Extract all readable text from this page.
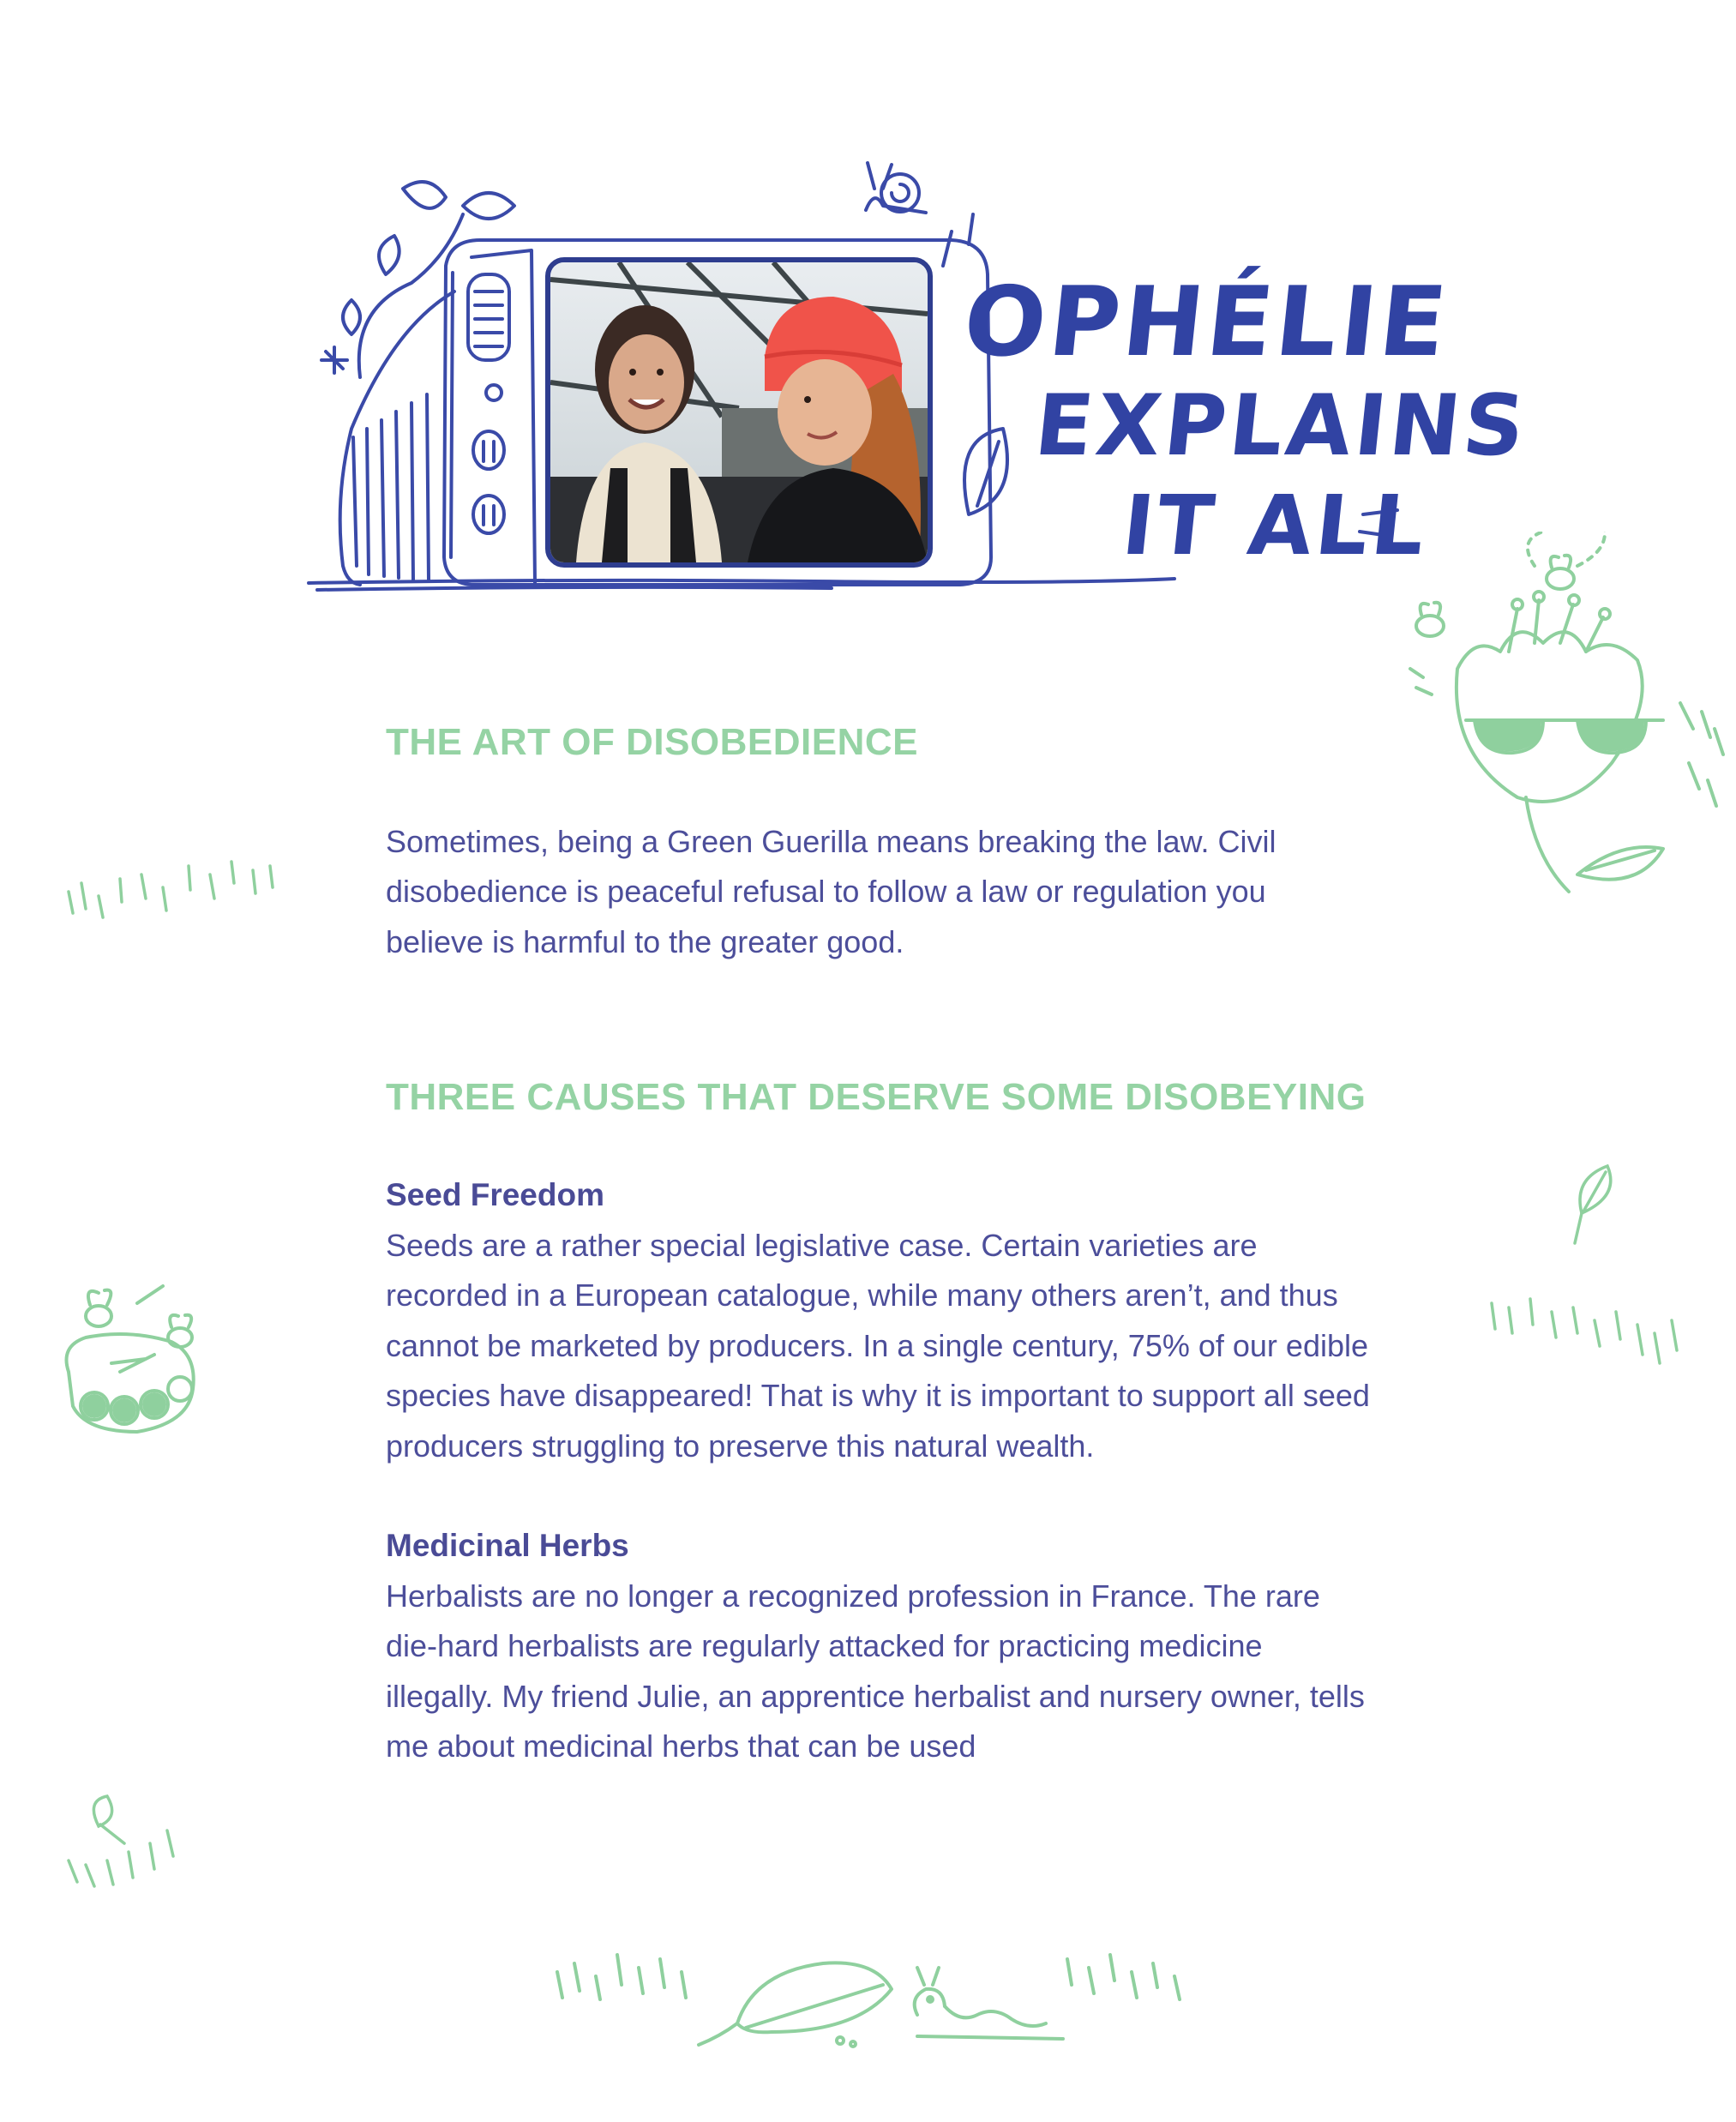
OPHÉLIE
EXPLAINS
IT ALL
THE ART OF DISOBEDIENCE

Sometimes, being a Green Guerilla means breaking the law. Civil disobedience is peaceful refusal to follow a law or regulation you believe is harmful to the greater good.

THREE CAUSES THAT DESERVE SOME DISOBEYING

Seed Freedom

Seeds are a rather special legislative case. Certain varieties are recorded in a European catalogue, while many others aren’t, and thus cannot be marketed by producers. In a single century, 75% of our edible species have disappeared! That is why it is important to support all seed producers struggling to preserve this natural wealth.

Medicinal Herbs

Herbalists are no longer a recognized profession in France. The rare die-hard herbalists are regularly attacked for practicing medicine illegally. My friend Julie, an apprentice herbalist and nursery owner, tells me about medicinal herbs that can be used
